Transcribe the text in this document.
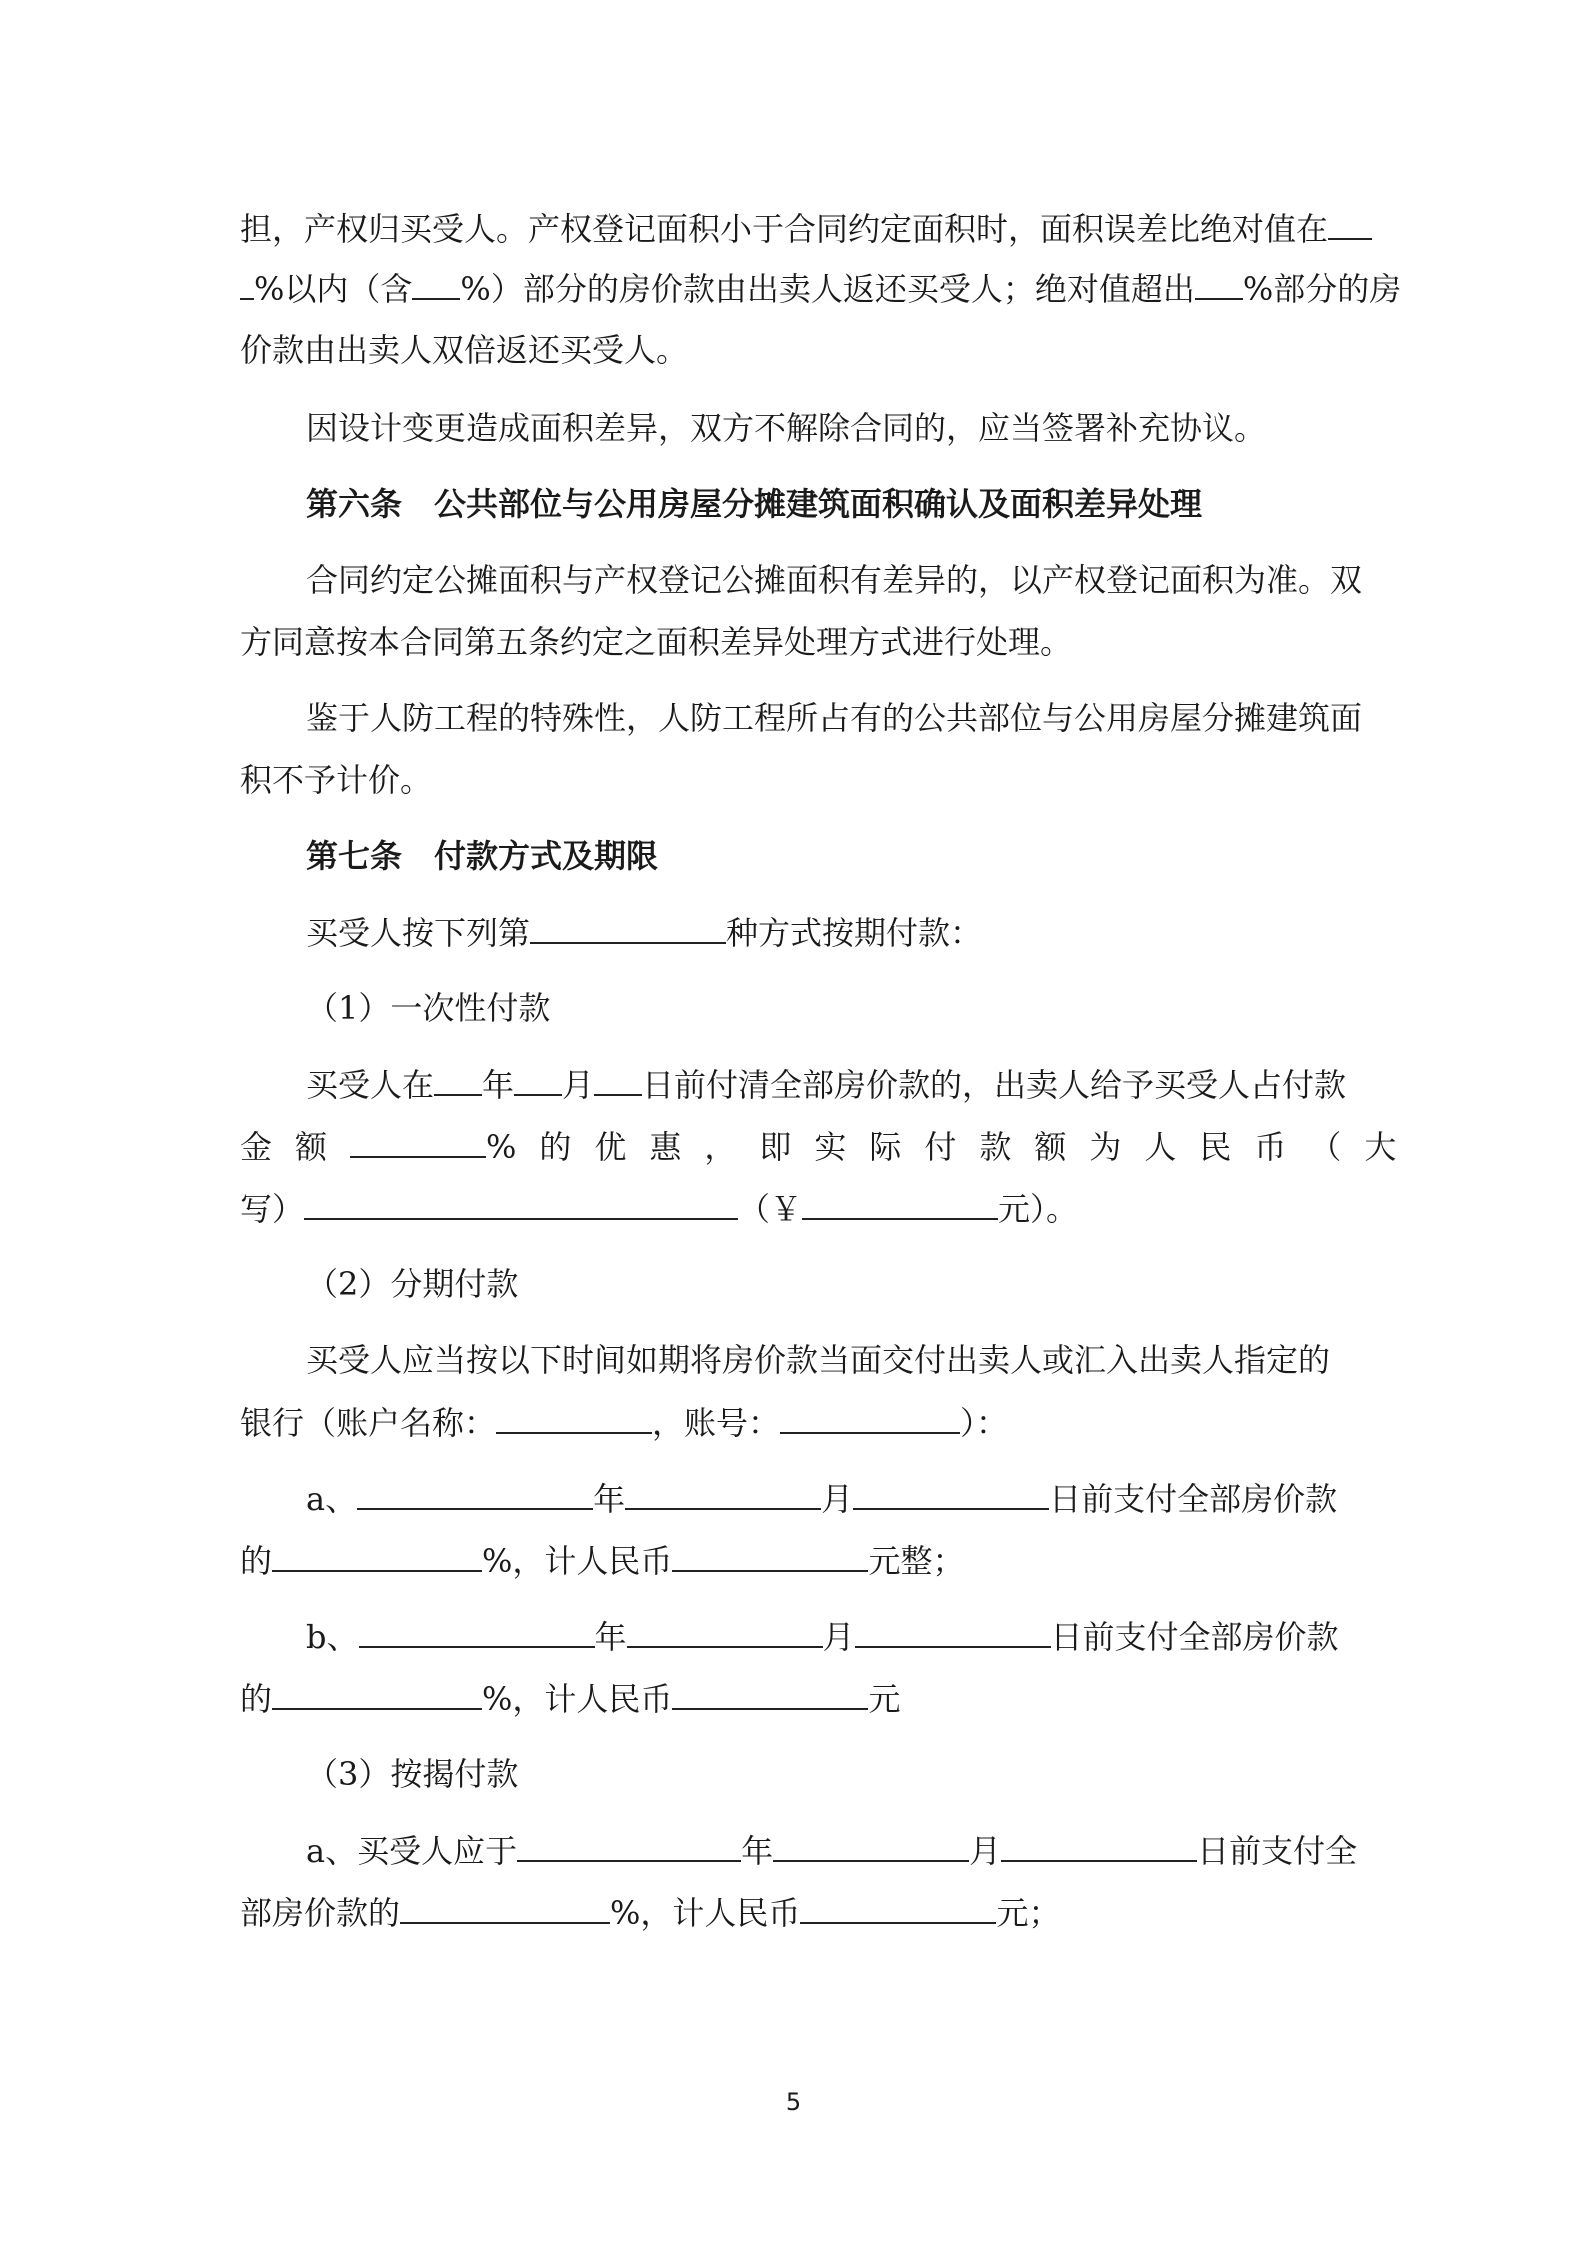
担，产权归买受人。产权登记面积小于合同约定面积时，面积误差比绝对值在
%以内（含 %）部分的房价款由出卖人返还买受人；绝对值超出 %部分的房
价款由出卖人双倍返还买受人。
因设计变更造成面积差异，双方不解除合同的，应当签署补充协议。
第六条　公共部位与公用房屋分摊建筑面积确认及面积差异处理
合同约定公摊面积与产权登记公摊面积有差异的，以产权登记面积为准。双
方同意按本合同第五条约定之面积差异处理方式进行处理。
鉴于人防工程的特殊性，人防工程所占有的公共部位与公用房屋分摊建筑面
积不予计价。
第七条　付款方式及期限
买受人按下列第	种方式按期付款：
（1）一次性付款
买受人在 年 月 日前付清全部房价款的，出卖人给予买受人占付款
金额	%的优惠，即实际付款额为人民币（大
写）	（￥	元）。
（2）分期付款
买受人应当按以下时间如期将房价款当面交付出卖人或汇入出卖人指定的
银行（账户名称：	，账号：	）：
a、	年	月	日前支付全部房价款
的	%，计人民币	元整；
b、	年	月	日前支付全部房价款
的	%，计人民币	元
（3）按揭付款
a、买受人应于	年	月	日前支付全
部房价款的	%，计人民币	元；
5
